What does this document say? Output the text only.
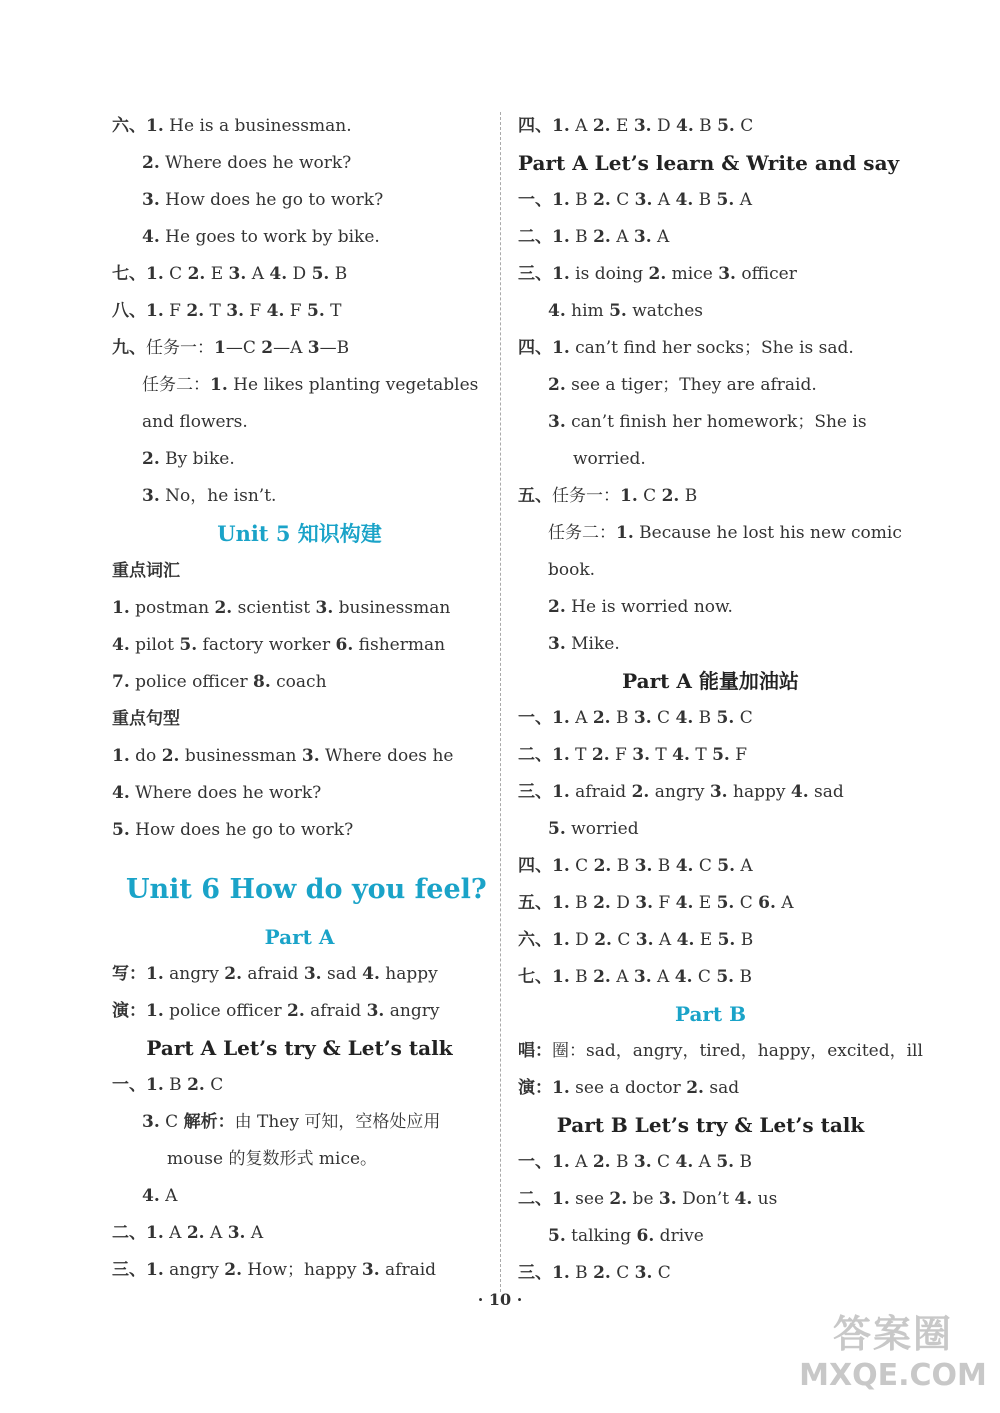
六、1. He is a businessman.
2. Where does he work?
3. How does he go to work?
4. He goes to work by bike.
七、1. C 2. E 3. A 4. D 5. B
八、1. F 2. T 3. F 4. F 5. T
九、任务一：1—C 2—A 3—B
任务二：1. He likes planting vegetables
and flowers.
2. By bike.
3. No，he isn’t.
Unit 5 知识构建
重点词汇
1. postman 2. scientist 3. businessman
4. pilot 5. factory worker 6. fisherman
7. police officer 8. coach
重点句型
1. do 2. businessman 3. Where does he
4. Where does he work?
5. How does he go to work?
Unit 6 How do you feel?
Part A
写：1. angry 2. afraid 3. sad 4. happy
演：1. police officer 2. afraid 3. angry
Part A Let’s try & Let’s talk
一、1. B 2. C
3. C 解析：由 They 可知，空格处应用
mouse 的复数形式 mice。
4. A
二、1. A 2. A 3. A
三、1. angry 2. How；happy 3. afraid
四、1. A 2. E 3. D 4. B 5. C
Part A Let’s learn & Write and say
一、1. B 2. C 3. A 4. B 5. A
二、1. B 2. A 3. A
三、1. is doing 2. mice 3. officer
4. him 5. watches
四、1. can’t find her socks；She is sad.
2. see a tiger；They are afraid.
3. can’t finish her homework；She is
worried.
五、任务一：1. C 2. B
任务二：1. Because he lost his new comic
book.
2. He is worried now.
3. Mike.
Part A 能量加油站
一、1. A 2. B 3. C 4. B 5. C
二、1. T 2. F 3. T 4. T 5. F
三、1. afraid 2. angry 3. happy 4. sad
5. worried
四、1. C 2. B 3. B 4. C 5. A
五、1. B 2. D 3. F 4. E 5. C 6. A
六、1. D 2. C 3. A 4. E 5. B
七、1. B 2. A 3. A 4. C 5. B
Part B
唱：圈：sad，angry，tired，happy，excited，ill
演：1. see a doctor 2. sad
Part B Let’s try & Let’s talk
一、1. A 2. B 3. C 4. A 5. B
二、1. see 2. be 3. Don’t 4. us
5. talking 6. drive
三、1. B 2. C 3. C
· 10 ·
答案圈
MXQE.COM
